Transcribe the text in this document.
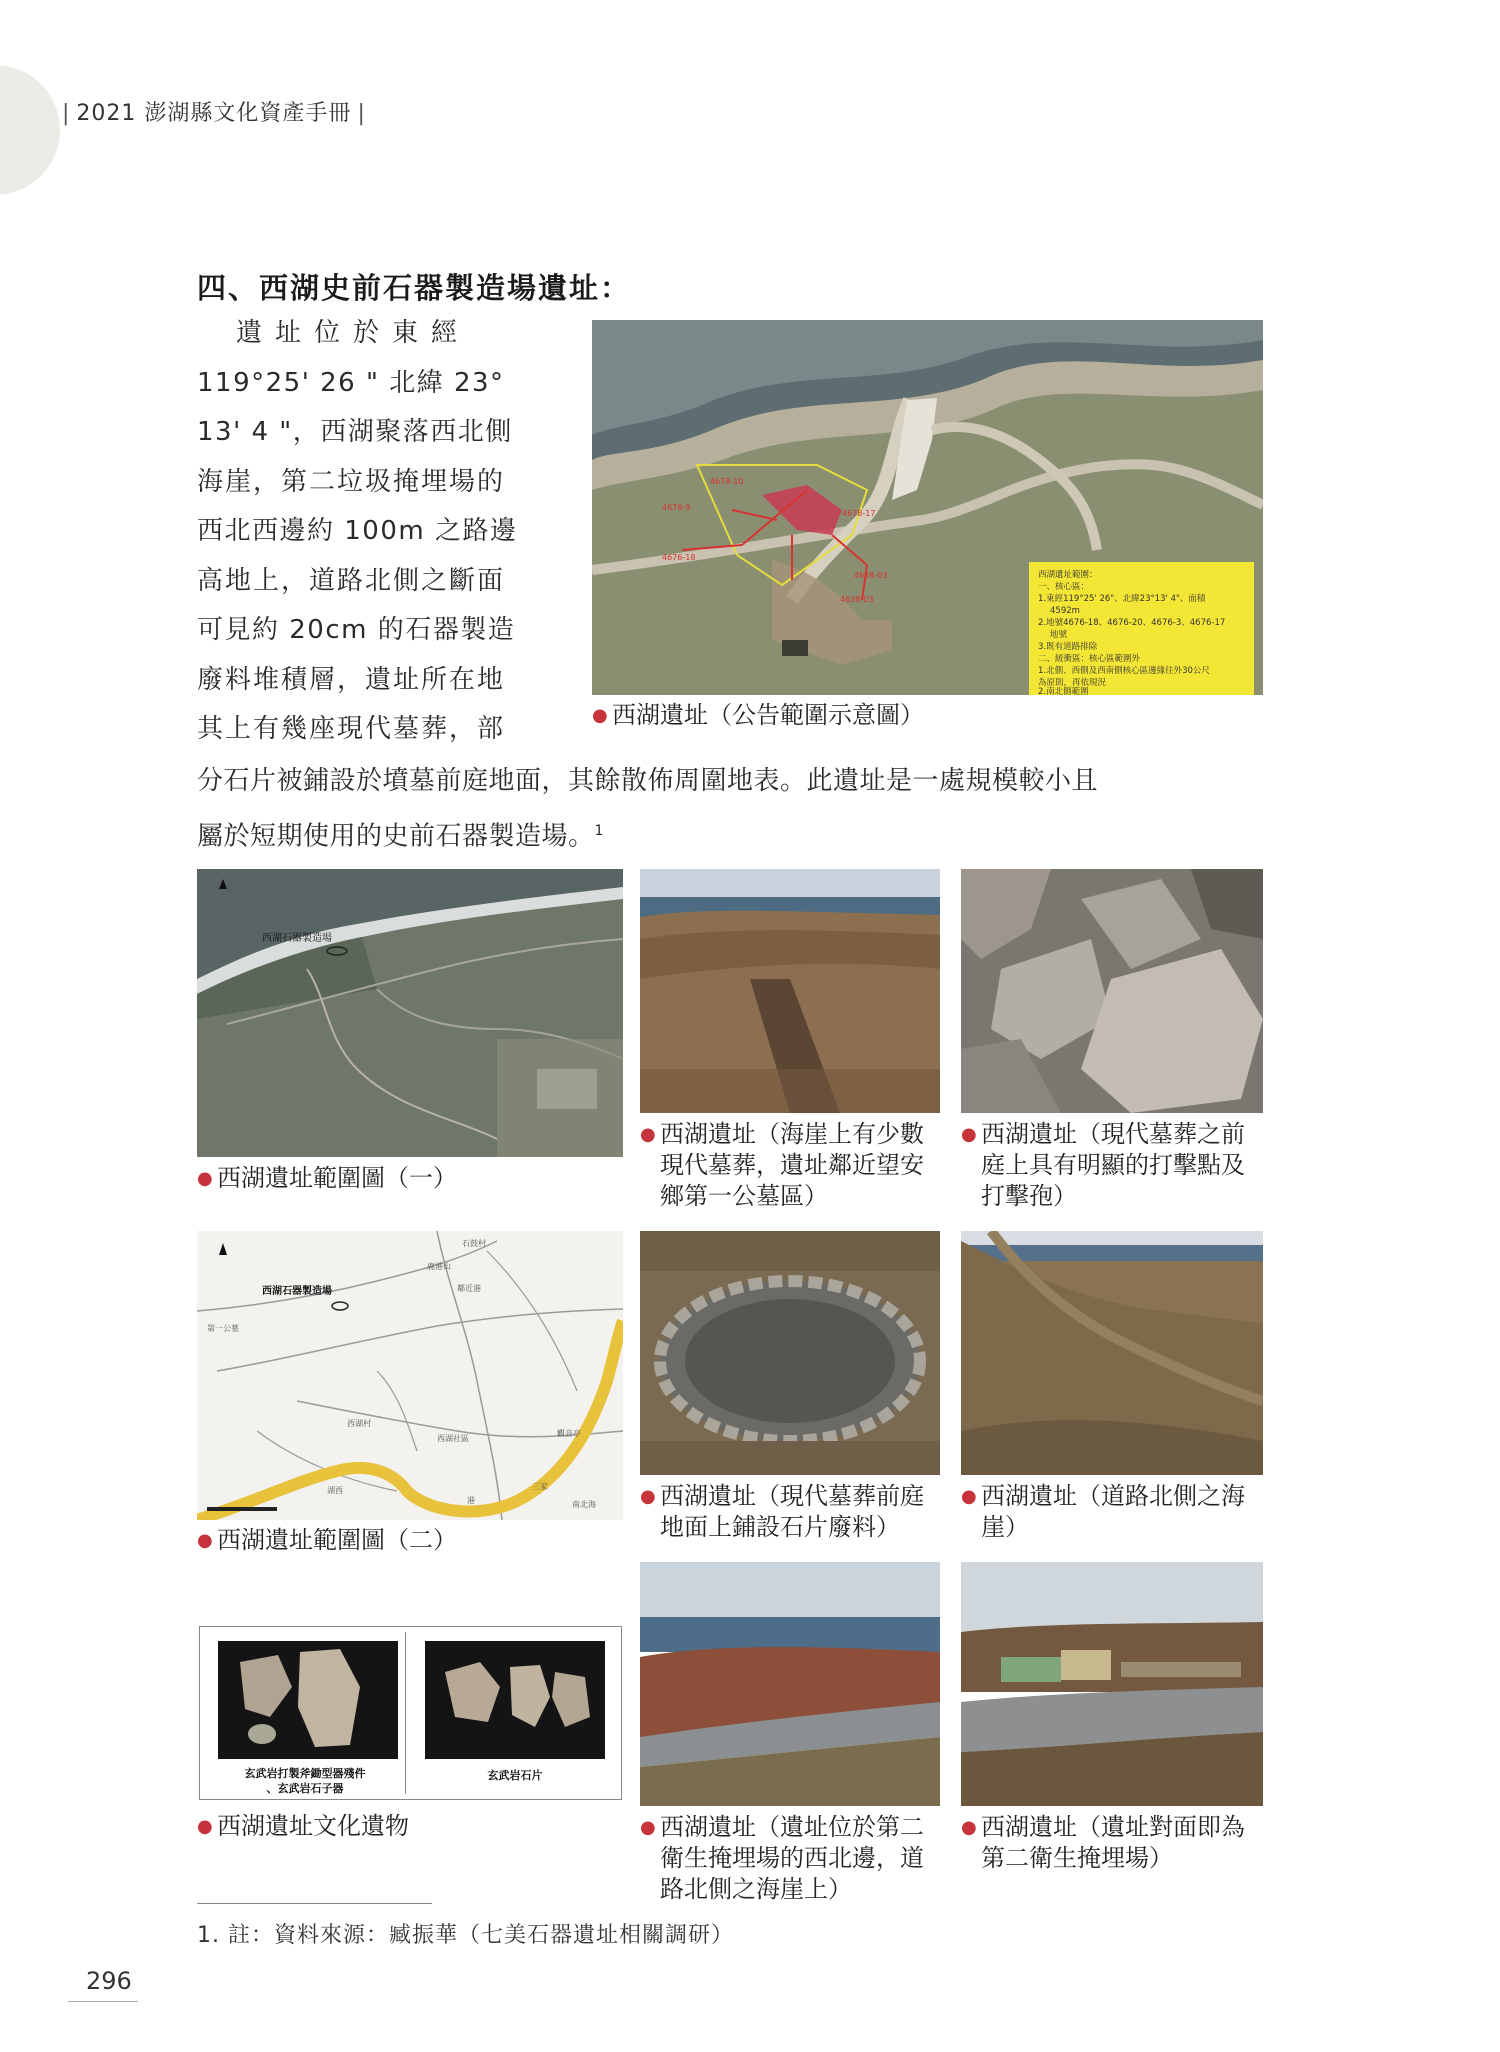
| 2021 澎湖縣文化資產手冊 |
四、西湖史前石器製造場遺址：
　遺址位於東經
119°25' 26 " 北緯 23°
13' 4 "，西湖聚落西北側
海崖，第二垃圾掩埋場的
西北西邊約 100m 之路邊
高地上，道路北側之斷面
可見約 20cm 的石器製造
廢料堆積層，遺址所在地
其上有幾座現代墓葬，部
分石片被鋪設於墳墓前庭地面，其餘散佈周圍地表。此遺址是一處規模較小且
屬於短期使用的史前石器製造場。$^1$
4678-10
4676-9
4678-17
4676-18
4638-03
4638-03
西湖遺址範圍：
一、核心區：
1.東經119°25' 26"、北緯23°13' 4"、面積
4592m
2.地號4676-18、4676-20、4676-3、4676-17
地號
3.既有道路排除
二、緩衝區：核心區範圍外
1.北側、西側及西南側核心區邊緣往外30公尺
為原則，再依現況
2.南北側範圍
● 西湖遺址（公告範圍示意圖）
西湖石器製造場
● 西湖遺址範圍圖（一）
● 西湖遺址（海崖上有少數
現代墓葬，遺址鄰近望安
鄉第一公墓區）
● 西湖遺址（現代墓葬之前
庭上具有明顯的打擊點及
打擊孢）
西湖石器製造場
鹿港山
西湖村
第一公墓
湖西
鄰近港
觀音亭
西湖社區
三家
南北海
石鼓村
港
● 西湖遺址範圍圖（二）
● 西湖遺址（現代墓葬前庭
地面上鋪設石片廢料）
● 西湖遺址（道路北側之海
崖）
玄武岩打製斧鋤型器殘件
、玄武岩石子器
玄武岩石片
● 西湖遺址文化遺物	● 西湖遺址（遺址位於第二
衛生掩埋場的西北邊，道
路北側之海崖上）
● 西湖遺址（遺址對面即為
第二衛生掩埋場）
1. 註：資料來源：臧振華（七美石器遺址相關調研）
296
